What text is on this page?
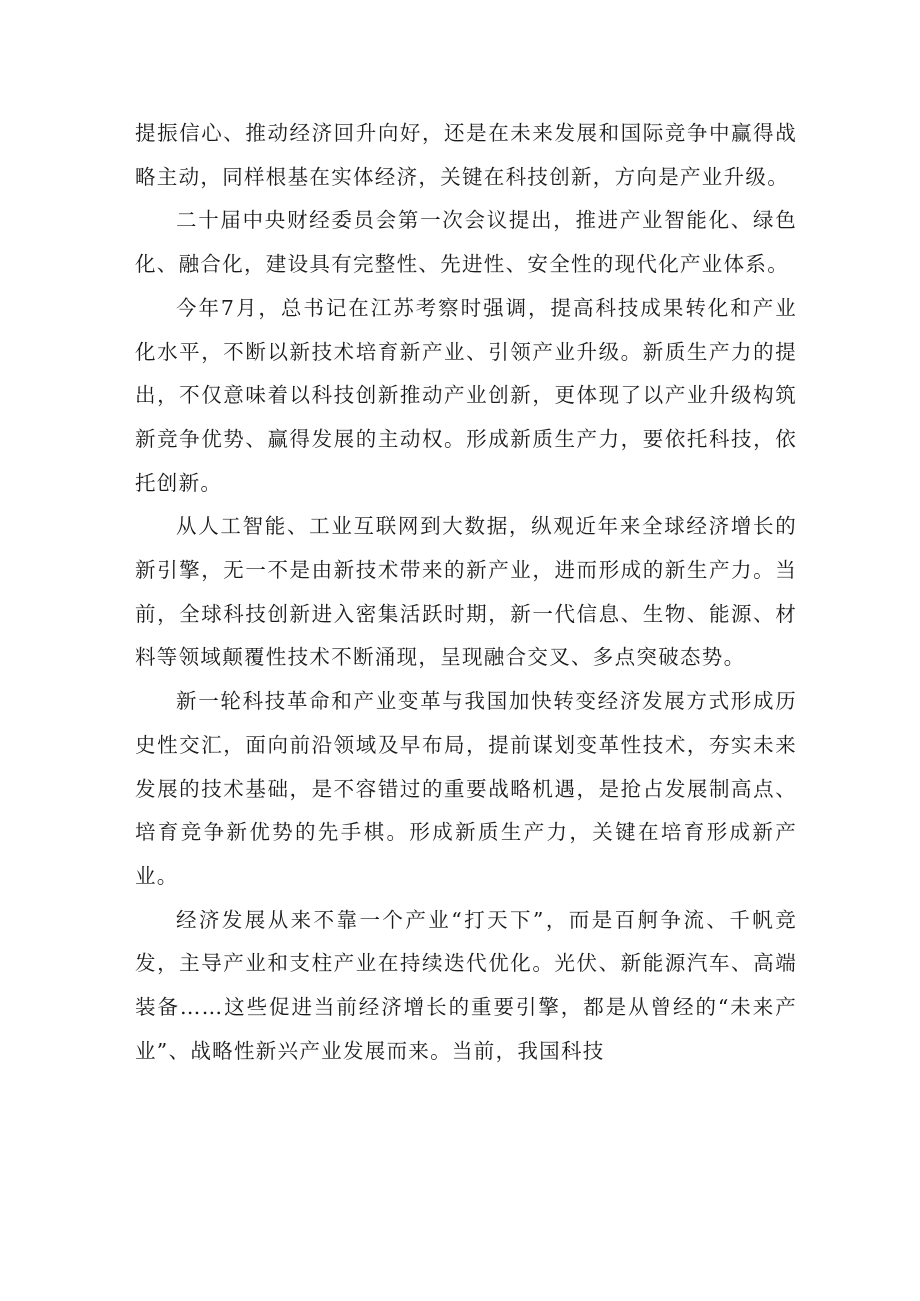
提振信心、推动经济回升向好，还是在未来发展和国际竞争中赢得战略主动，同样根基在实体经济，关键在科技创新，方向是产业升级。

二十届中央财经委员会第一次会议提出，推进产业智能化、绿色化、融合化，建设具有完整性、先进性、安全性的现代化产业体系。

今年7月，总书记在江苏考察时强调，提高科技成果转化和产业化水平，不断以新技术培育新产业、引领产业升级。新质生产力的提出，不仅意味着以科技创新推动产业创新，更体现了以产业升级构筑新竞争优势、赢得发展的主动权。形成新质生产力，要依托科技，依托创新。

从人工智能、工业互联网到大数据，纵观近年来全球经济增长的新引擎，无一不是由新技术带来的新产业，进而形成的新生产力。当前，全球科技创新进入密集活跃时期，新一代信息、生物、能源、材料等领域颠覆性技术不断涌现，呈现融合交叉、多点突破态势。

新一轮科技革命和产业变革与我国加快转变经济发展方式形成历史性交汇，面向前沿领域及早布局，提前谋划变革性技术，夯实未来发展的技术基础，是不容错过的重要战略机遇，是抢占发展制高点、培育竞争新优势的先手棋。形成新质生产力，关键在培育形成新产业。

经济发展从来不靠一个产业“打天下”，而是百舸争流、千帆竞发，主导产业和支柱产业在持续迭代优化。光伏、新能源汽车、高端装备……这些促进当前经济增长的重要引擎，都是从曾经的“未来产业”、战略性新兴产业发展而来。当前，我国科技
